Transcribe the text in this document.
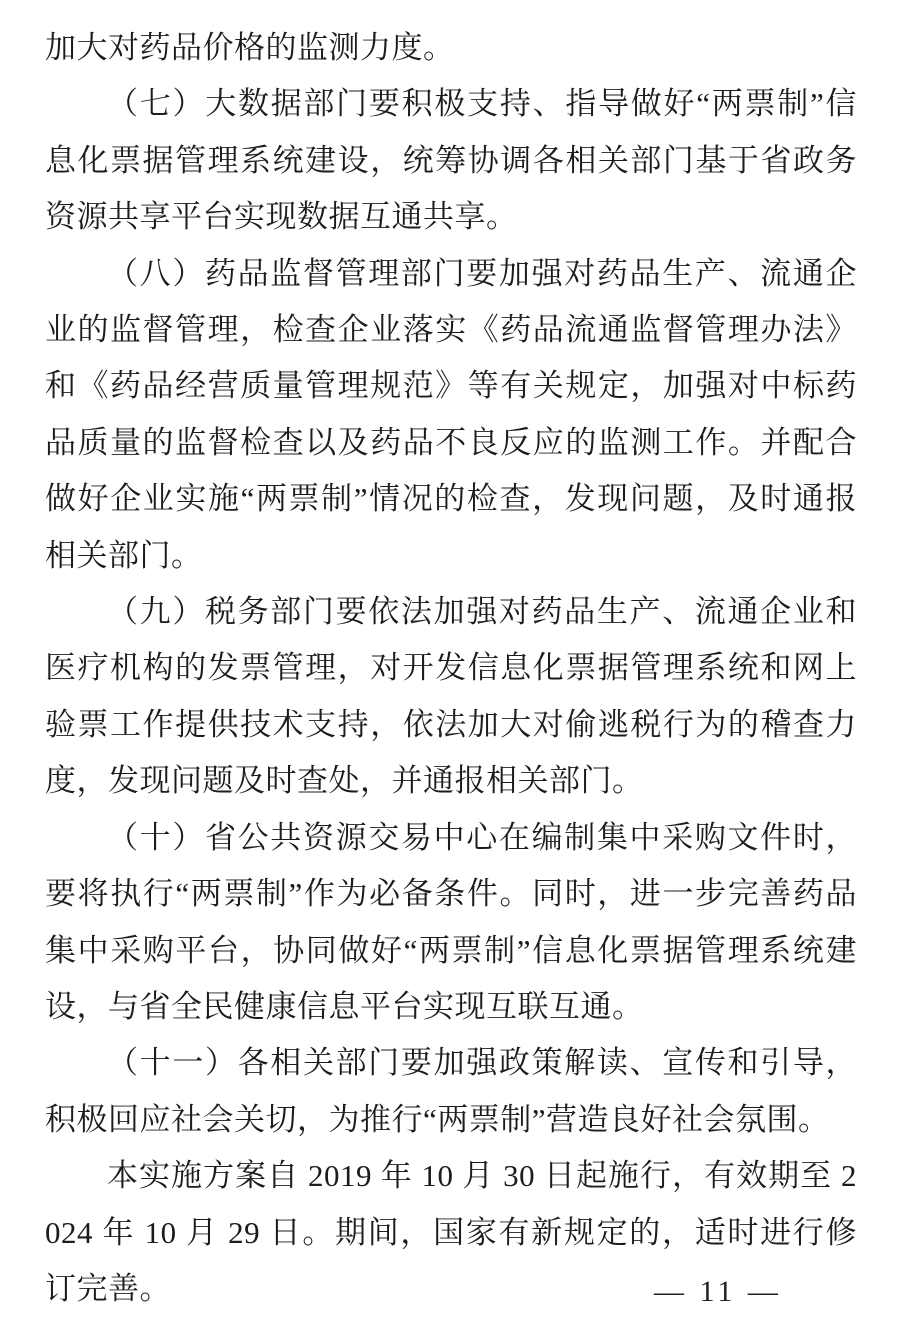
加大对药品价格的监测力度。

（七）大数据部门要积极支持、指导做好“两票制”信息化票据管理系统建设，统筹协调各相关部门基于省政务资源共享平台实现数据互通共享。

（八）药品监督管理部门要加强对药品生产、流通企业的监督管理，检查企业落实《药品流通监督管理办法》和《药品经营质量管理规范》等有关规定，加强对中标药品质量的监督检查以及药品不良反应的监测工作。并配合做好企业实施“两票制”情况的检查，发现问题，及时通报相关部门。

（九）税务部门要依法加强对药品生产、流通企业和医疗机构的发票管理，对开发信息化票据管理系统和网上验票工作提供技术支持，依法加大对偷逃税行为的稽查力度，发现问题及时查处，并通报相关部门。

（十）省公共资源交易中心在编制集中采购文件时，要将执行“两票制”作为必备条件。同时，进一步完善药品集中采购平台，协同做好“两票制”信息化票据管理系统建设，与省全民健康信息平台实现互联互通。

（十一）各相关部门要加强政策解读、宣传和引导，积极回应社会关切，为推行“两票制”营造良好社会氛围。

本实施方案自 2019 年 10 月 30 日起施行，有效期至 2024 年 10 月 29 日。期间，国家有新规定的，适时进行修订完善。	— 11 —
